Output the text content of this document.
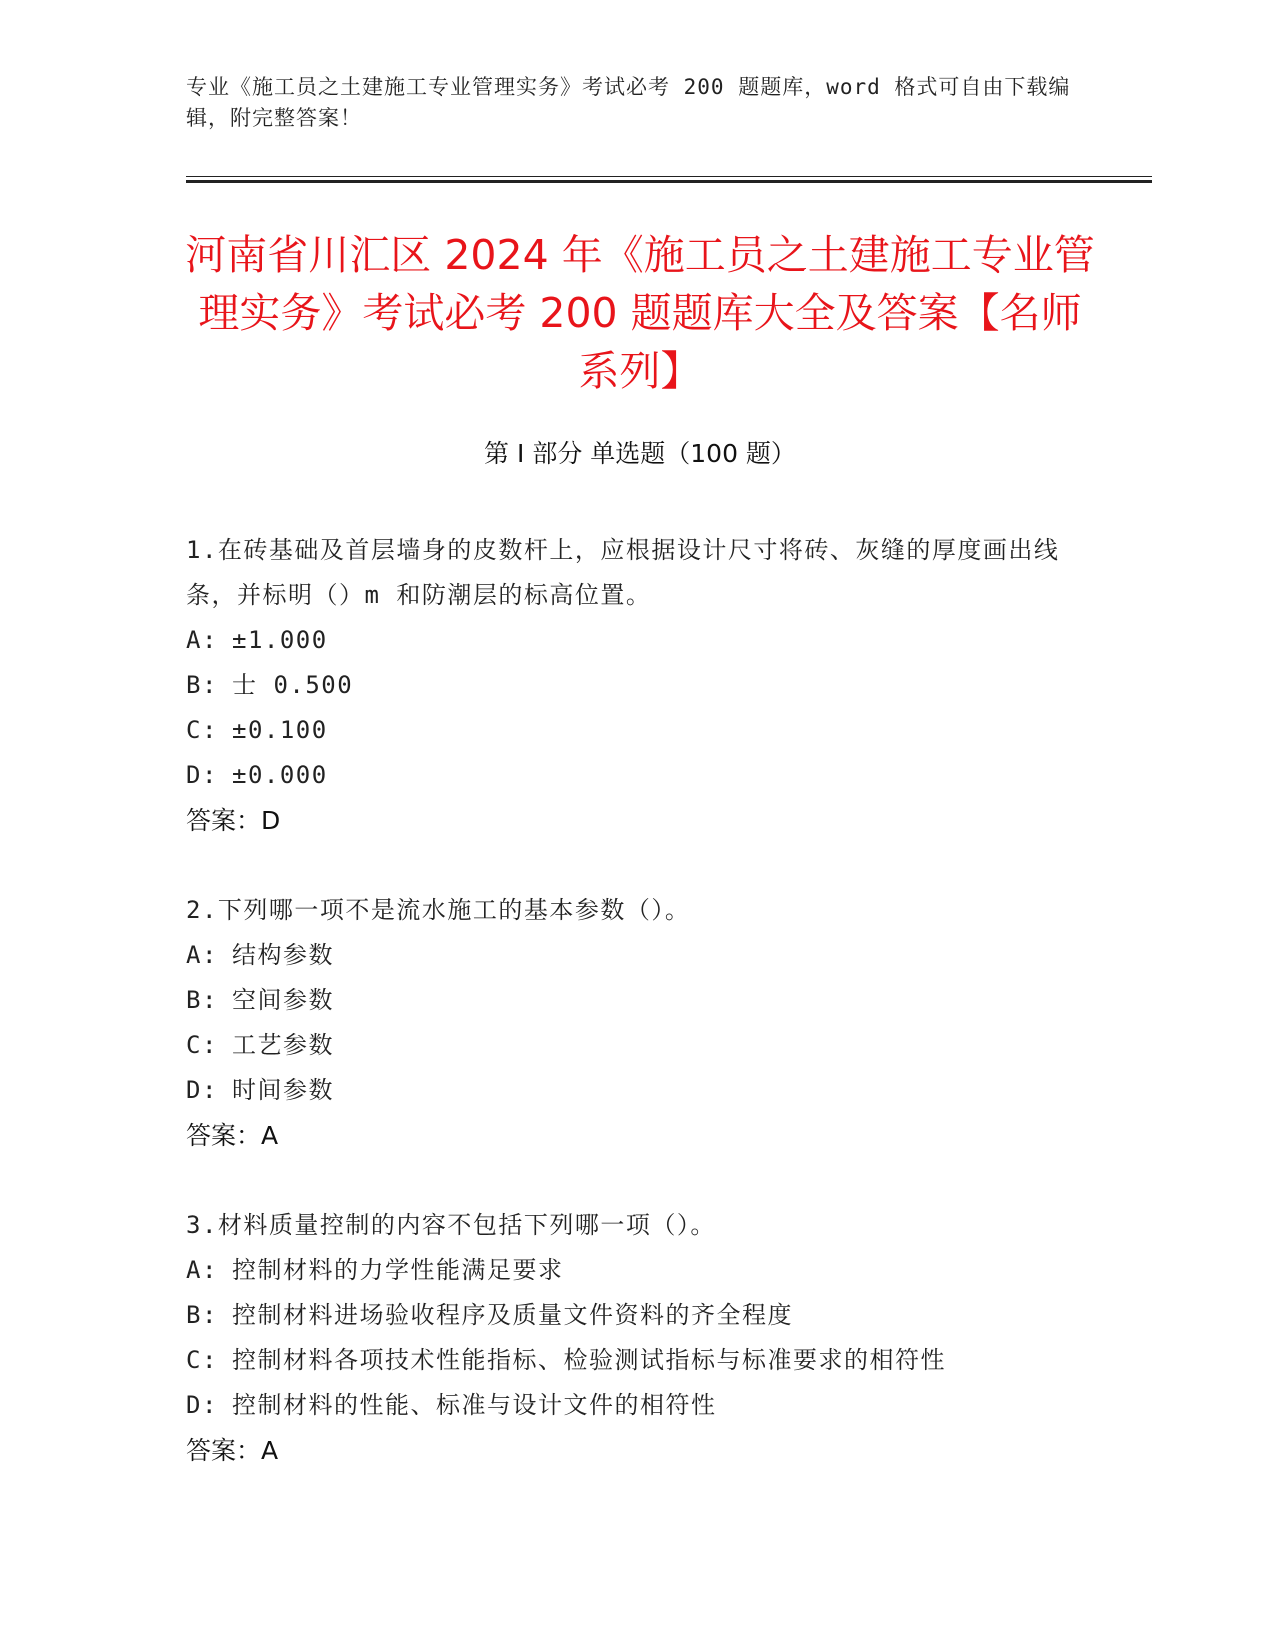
专业《施工员之土建施工专业管理实务》考试必考 200 题题库，word 格式可自由下载编辑，附完整答案！
河南省川汇区 2024 年《施工员之土建施工专业管理实务》考试必考 200 题题库大全及答案【名师系列】
第 I 部分 单选题（100 题）
1.在砖基础及首层墙身的皮数杆上，应根据设计尺寸将砖、灰缝的厚度画出线条，并标明（）m 和防潮层的标高位置。
A: ±1.000
B: 士 0.500
C: ±0.100
D: ±0.000
答案：D
2.下列哪一项不是流水施工的基本参数（）。
A: 结构参数
B: 空间参数
C: 工艺参数
D: 时间参数
答案：A
3.材料质量控制的内容不包括下列哪一项（）。
A: 控制材料的力学性能满足要求
B: 控制材料进场验收程序及质量文件资料的齐全程度
C: 控制材料各项技术性能指标、检验测试指标与标准要求的相符性
D: 控制材料的性能、标准与设计文件的相符性
答案：A
